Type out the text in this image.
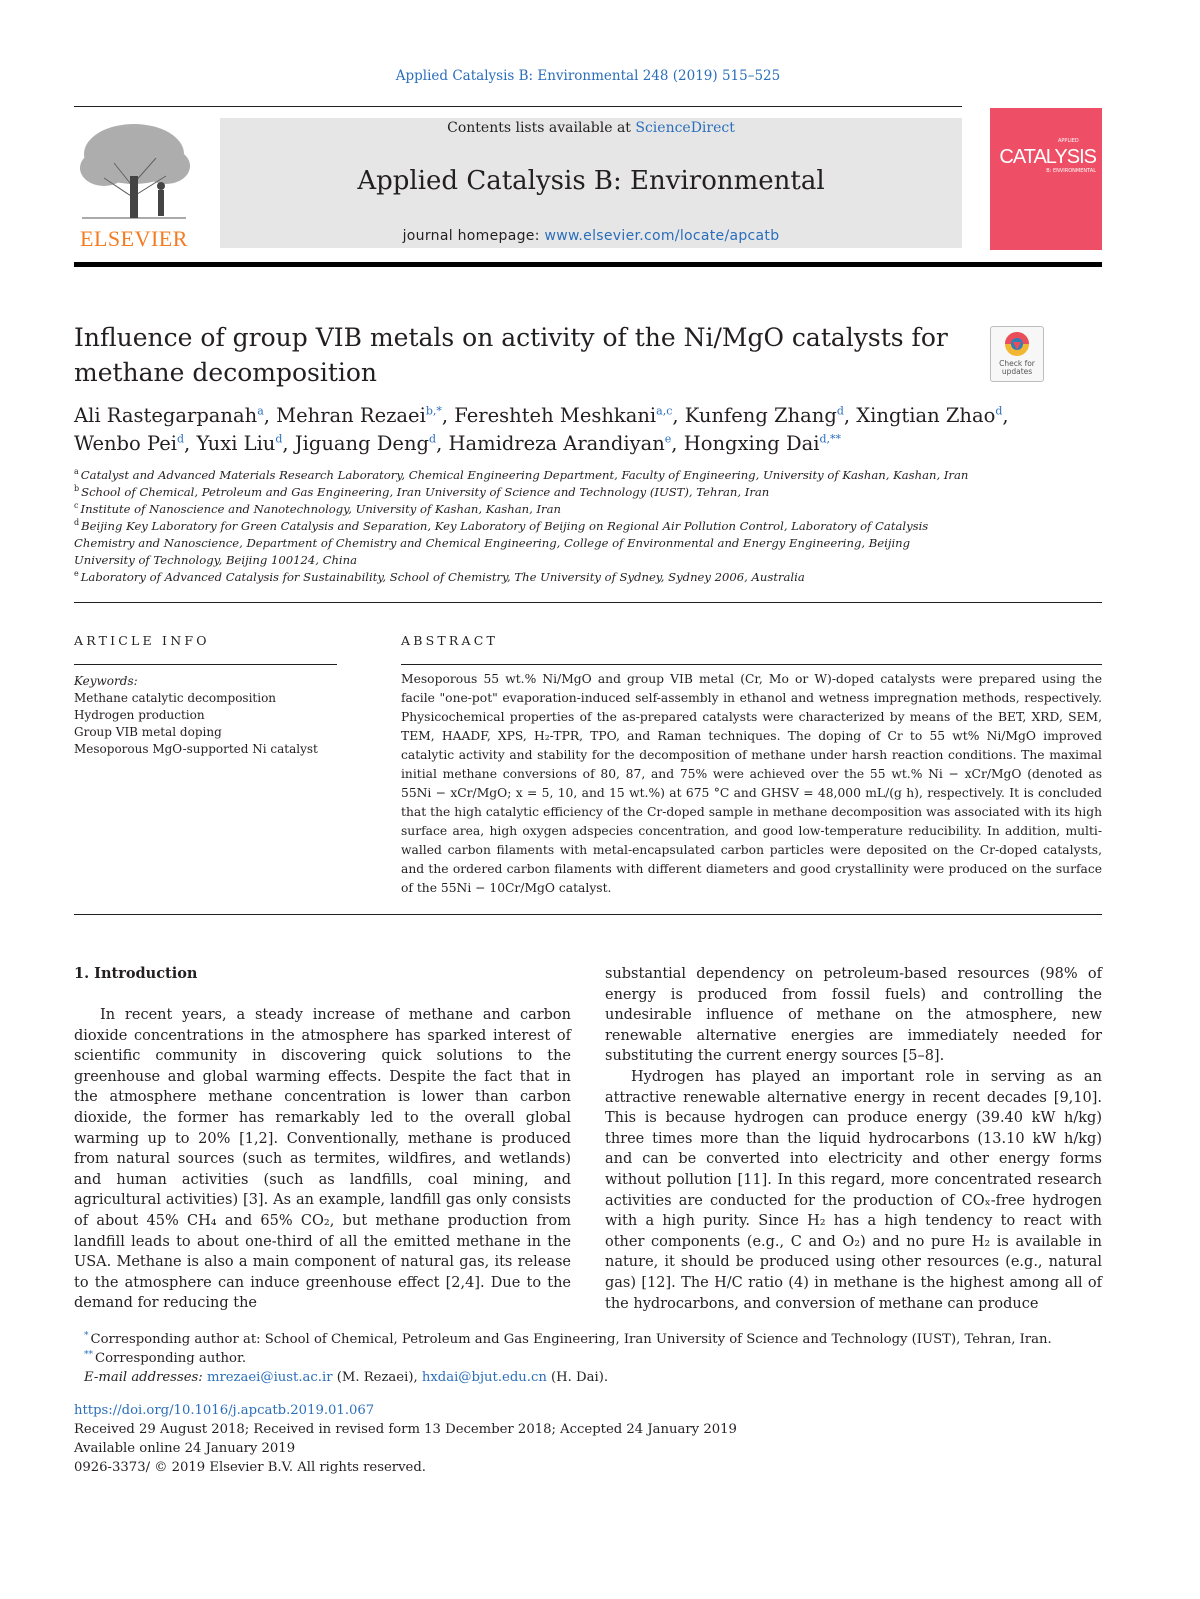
Applied Catalysis B: Environmental 248 (2019) 515–525
ELSEVIER
Contents lists available at ScienceDirect
Applied Catalysis B: Environmental
journal homepage: www.elsevier.com/locate/apcatb
APPLIED
CATALYSIS
B: ENVIRONMENTAL
Influence of group VIB metals on activity of the Ni/MgO catalysts for
methane decomposition	Check for updates
Ali Rastegarpanah$^a$, Mehran Rezaei$^{b,*}$, Fereshteh Meshkani$^{a,c}$, Kunfeng Zhang$^d$, Xingtian Zhao$^d$,
Wenbo Pei$^d$, Yuxi Liu$^d$, Jiguang Deng$^d$, Hamidreza Arandiyan$^e$, Hongxing Dai$^{d,**}$
$^a$ Catalyst and Advanced Materials Research Laboratory, Chemical Engineering Department, Faculty of Engineering, University of Kashan, Kashan, Iran
$^b$ School of Chemical, Petroleum and Gas Engineering, Iran University of Science and Technology (IUST), Tehran, Iran
$^c$ Institute of Nanoscience and Nanotechnology, University of Kashan, Kashan, Iran
$^d$ Beijing Key Laboratory for Green Catalysis and Separation, Key Laboratory of Beijing on Regional Air Pollution Control, Laboratory of Catalysis Chemistry and Nanoscience, Department of Chemistry and Chemical Engineering, College of Environmental and Energy Engineering, Beijing University of Technology, Beijing 100124, China
$^e$ Laboratory of Advanced Catalysis for Sustainability, School of Chemistry, The University of Sydney, Sydney 2006, Australia
ARTICLE INFO	ABSTRACT
Keywords:
Methane catalytic decomposition
Hydrogen production
Group VIB metal doping
Mesoporous MgO-supported Ni catalyst
Mesoporous 55 wt.% Ni/MgO and group VIB metal (Cr, Mo or W)-doped catalysts were prepared using the facile "one-pot" evaporation-induced self-assembly in ethanol and wetness impregnation methods, respectively. Physicochemical properties of the as-prepared catalysts were characterized by means of the BET, XRD, SEM, TEM, HAADF, XPS, H₂-TPR, TPO, and Raman techniques. The doping of Cr to 55 wt% Ni/MgO improved catalytic activity and stability for the decomposition of methane under harsh reaction conditions. The maximal initial methane conversions of 80, 87, and 75% were achieved over the 55 wt.% Ni − xCr/MgO (denoted as 55Ni − xCr/MgO; x = 5, 10, and 15 wt.%) at 675 °C and GHSV = 48,000 mL/(g h), respectively. It is concluded that the high catalytic efficiency of the Cr-doped sample in methane decomposition was associated with its high surface area, high oxygen adspecies concentration, and good low-temperature reducibility. In addition, multi-walled carbon filaments with metal-encapsulated carbon particles were deposited on the Cr-doped catalysts, and the ordered carbon filaments with different diameters and good crystallinity were produced on the surface of the 55Ni − 10Cr/MgO catalyst.
1. Introduction

In recent years, a steady increase of methane and carbon dioxide concentrations in the atmosphere has sparked interest of scientific community in discovering quick solutions to the greenhouse and global warming effects. Despite the fact that in the atmosphere methane concentration is lower than carbon dioxide, the former has remarkably led to the overall global warming up to 20% [1,2]. Conventionally, methane is produced from natural sources (such as termites, wildfires, and wetlands) and human activities (such as landfills, coal mining, and agricultural activities) [3]. As an example, landfill gas only consists of about 45% CH₄ and 65% CO₂, but methane production from landfill leads to about one-third of all the emitted methane in the USA. Methane is also a main component of natural gas, its release to the atmosphere can induce greenhouse effect [2,4]. Due to the demand for reducing the

substantial dependency on petroleum-based resources (98% of energy is produced from fossil fuels) and controlling the undesirable influence of methane on the atmosphere, new renewable alternative energies are immediately needed for substituting the current energy sources [5–8].

Hydrogen has played an important role in serving as an attractive renewable alternative energy in recent decades [9,10]. This is because hydrogen can produce energy (39.40 kW h/kg) three times more than the liquid hydrocarbons (13.10 kW h/kg) and can be converted into electricity and other energy forms without pollution [11]. In this regard, more concentrated research activities are conducted for the production of COₓ-free hydrogen with a high purity. Since H₂ has a high tendency to react with other components (e.g., C and O₂) and no pure H₂ is available in nature, it should be produced using other resources (e.g., natural gas) [12]. The H/C ratio (4) in methane is the highest among all of the hydrocarbons, and conversion of methane can produce

* Corresponding author at: School of Chemical, Petroleum and Gas Engineering, Iran University of Science and Technology (IUST), Tehran, Iran.
** Corresponding author.
E-mail addresses: mrezaei@iust.ac.ir (M. Rezaei), hxdai@bjut.edu.cn (H. Dai).
https://doi.org/10.1016/j.apcatb.2019.01.067
Received 29 August 2018; Received in revised form 13 December 2018; Accepted 24 January 2019
Available online 24 January 2019
0926-3373/ © 2019 Elsevier B.V. All rights reserved.
